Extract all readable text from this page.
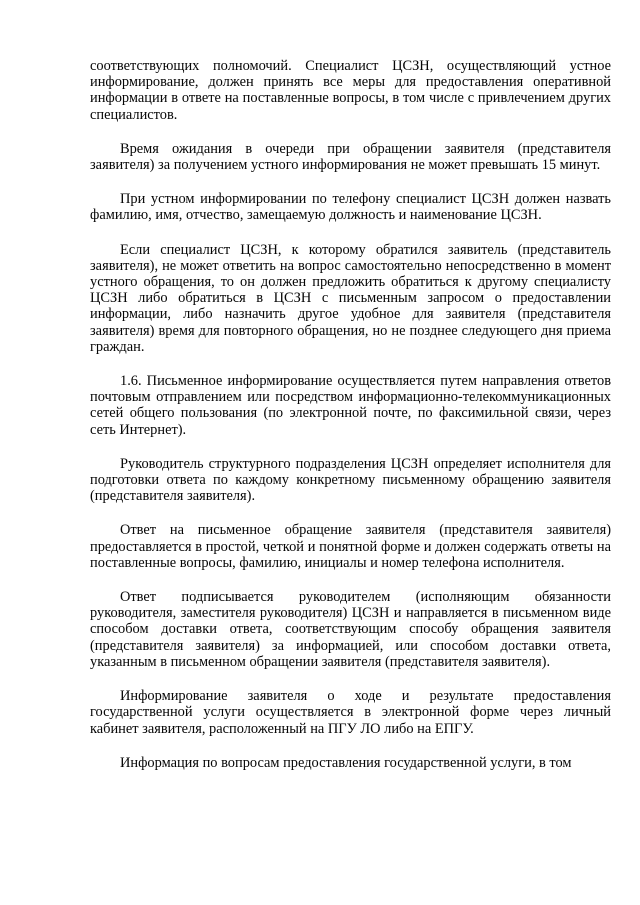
соответствующих полномочий. Специалист ЦСЗН, осуществляющий устное информирование, должен принять все меры для предоставления оперативной информации в ответе на поставленные вопросы, в том числе с привлечением других специалистов.

Время ожидания в очереди при обращении заявителя (представителя заявителя) за получением устного информирования не может превышать 15 минут.

При устном информировании по телефону специалист ЦСЗН должен назвать фамилию, имя, отчество, замещаемую должность и наименование ЦСЗН.

Если специалист ЦСЗН, к которому обратился заявитель (представитель заявителя), не может ответить на вопрос самостоятельно непосредственно в момент устного обращения, то он должен предложить обратиться к другому специалисту ЦСЗН либо обратиться в ЦСЗН с письменным запросом о предоставлении информации, либо назначить другое удобное для заявителя (представителя заявителя) время для повторного обращения, но не позднее следующего дня приема граждан.

1.6. Письменное информирование осуществляется путем направления ответов почтовым отправлением или посредством информационно-телекоммуникационных сетей общего пользования (по электронной почте, по факсимильной связи, через сеть Интернет).

Руководитель структурного подразделения ЦСЗН определяет исполнителя для подготовки ответа по каждому конкретному письменному обращению заявителя (представителя заявителя).

Ответ на письменное обращение заявителя (представителя заявителя) предоставляется в простой, четкой и понятной форме и должен содержать ответы на поставленные вопросы, фамилию, инициалы и номер телефона исполнителя.

Ответ подписывается руководителем (исполняющим обязанности руководителя, заместителя руководителя) ЦСЗН и направляется в письменном виде способом доставки ответа, соответствующим способу обращения заявителя (представителя заявителя) за информацией, или способом доставки ответа, указанным в письменном обращении заявителя (представителя заявителя).

Информирование заявителя о ходе и результате предоставления государственной услуги осуществляется в электронной форме через личный кабинет заявителя, расположенный на ПГУ ЛО либо на ЕПГУ.

Информация по вопросам предоставления государственной услуги, в том
